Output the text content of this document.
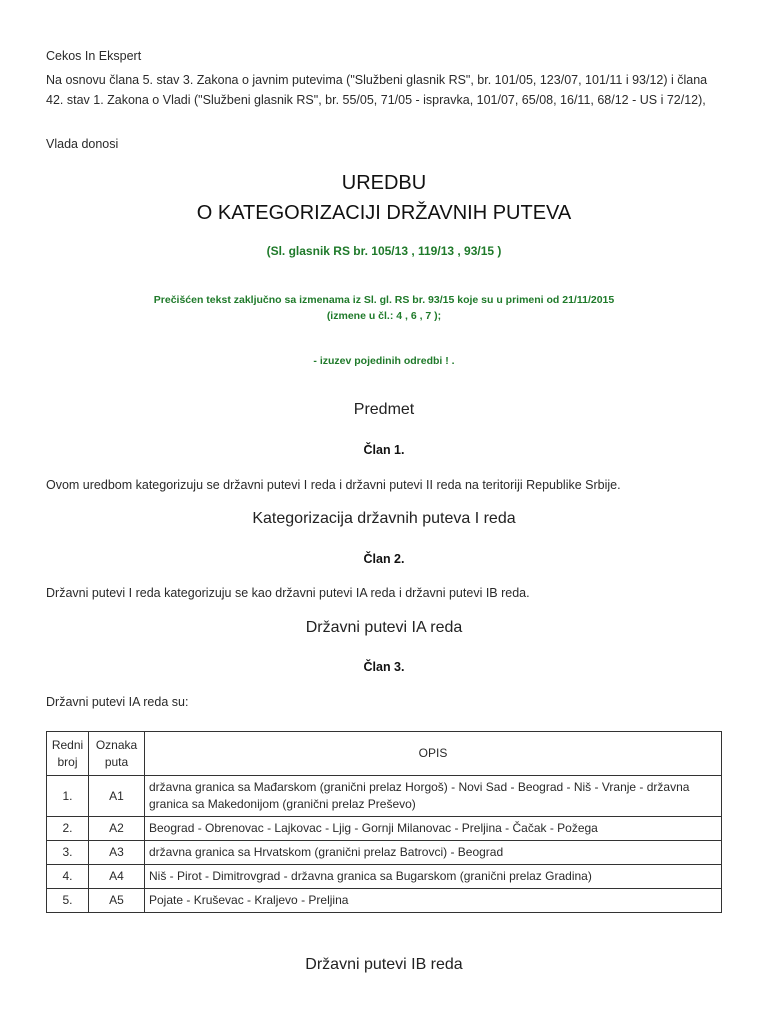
Cekos In Ekspert
Na osnovu člana 5. stav 3. Zakona o javnim putevima ("Službeni glasnik RS", br. 101/05, 123/07, 101/11 i 93/12) i člana 42. stav 1. Zakona o Vladi ("Službeni glasnik RS", br. 55/05, 71/05 - ispravka, 101/07, 65/08, 16/11, 68/12 - US i 72/12),
Vlada donosi
UREDBU
O KATEGORIZACIJI DRŽAVNIH PUTEVA
(Sl. glasnik RS br. 105/13 , 119/13 , 93/15 )
Prečišćen tekst zaključno sa izmenama iz Sl. gl. RS br. 93/15 koje su u primeni od 21/11/2015
(izmene u čl.: 4 , 6 , 7 );
- izuzev pojedinih odredbi ! .
Predmet
Član 1.
Ovom uredbom kategorizuju se državni putevi I reda i državni putevi II reda na teritoriji Republike Srbije.
Kategorizacija državnih puteva I reda
Član 2.
Državni putevi I reda kategorizuju se kao državni putevi IA reda i državni putevi IB reda.
Državni putevi IA reda
Član 3.
Državni putevi IA reda su:
Redni broj	Oznaka puta	OPIS
1.	A1	državna granica sa Mađarskom (granični prelaz Horgoš) - Novi Sad - Beograd - Niš - Vranje - državna granica sa Makedonijom (granični prelaz Preševo)
2.	A2	Beograd - Obrenovac - Lajkovac - Ljig - Gornji Milanovac - Preljina - Čačak - Požega
3.	A3	državna granica sa Hrvatskom (granični prelaz Batrovci) - Beograd
4.	A4	Niš - Pirot - Dimitrovgrad - državna granica sa Bugarskom (granični prelaz Gradina)
5.	A5	Pojate - Kruševac - Kraljevo - Preljina
Državni putevi IB reda
